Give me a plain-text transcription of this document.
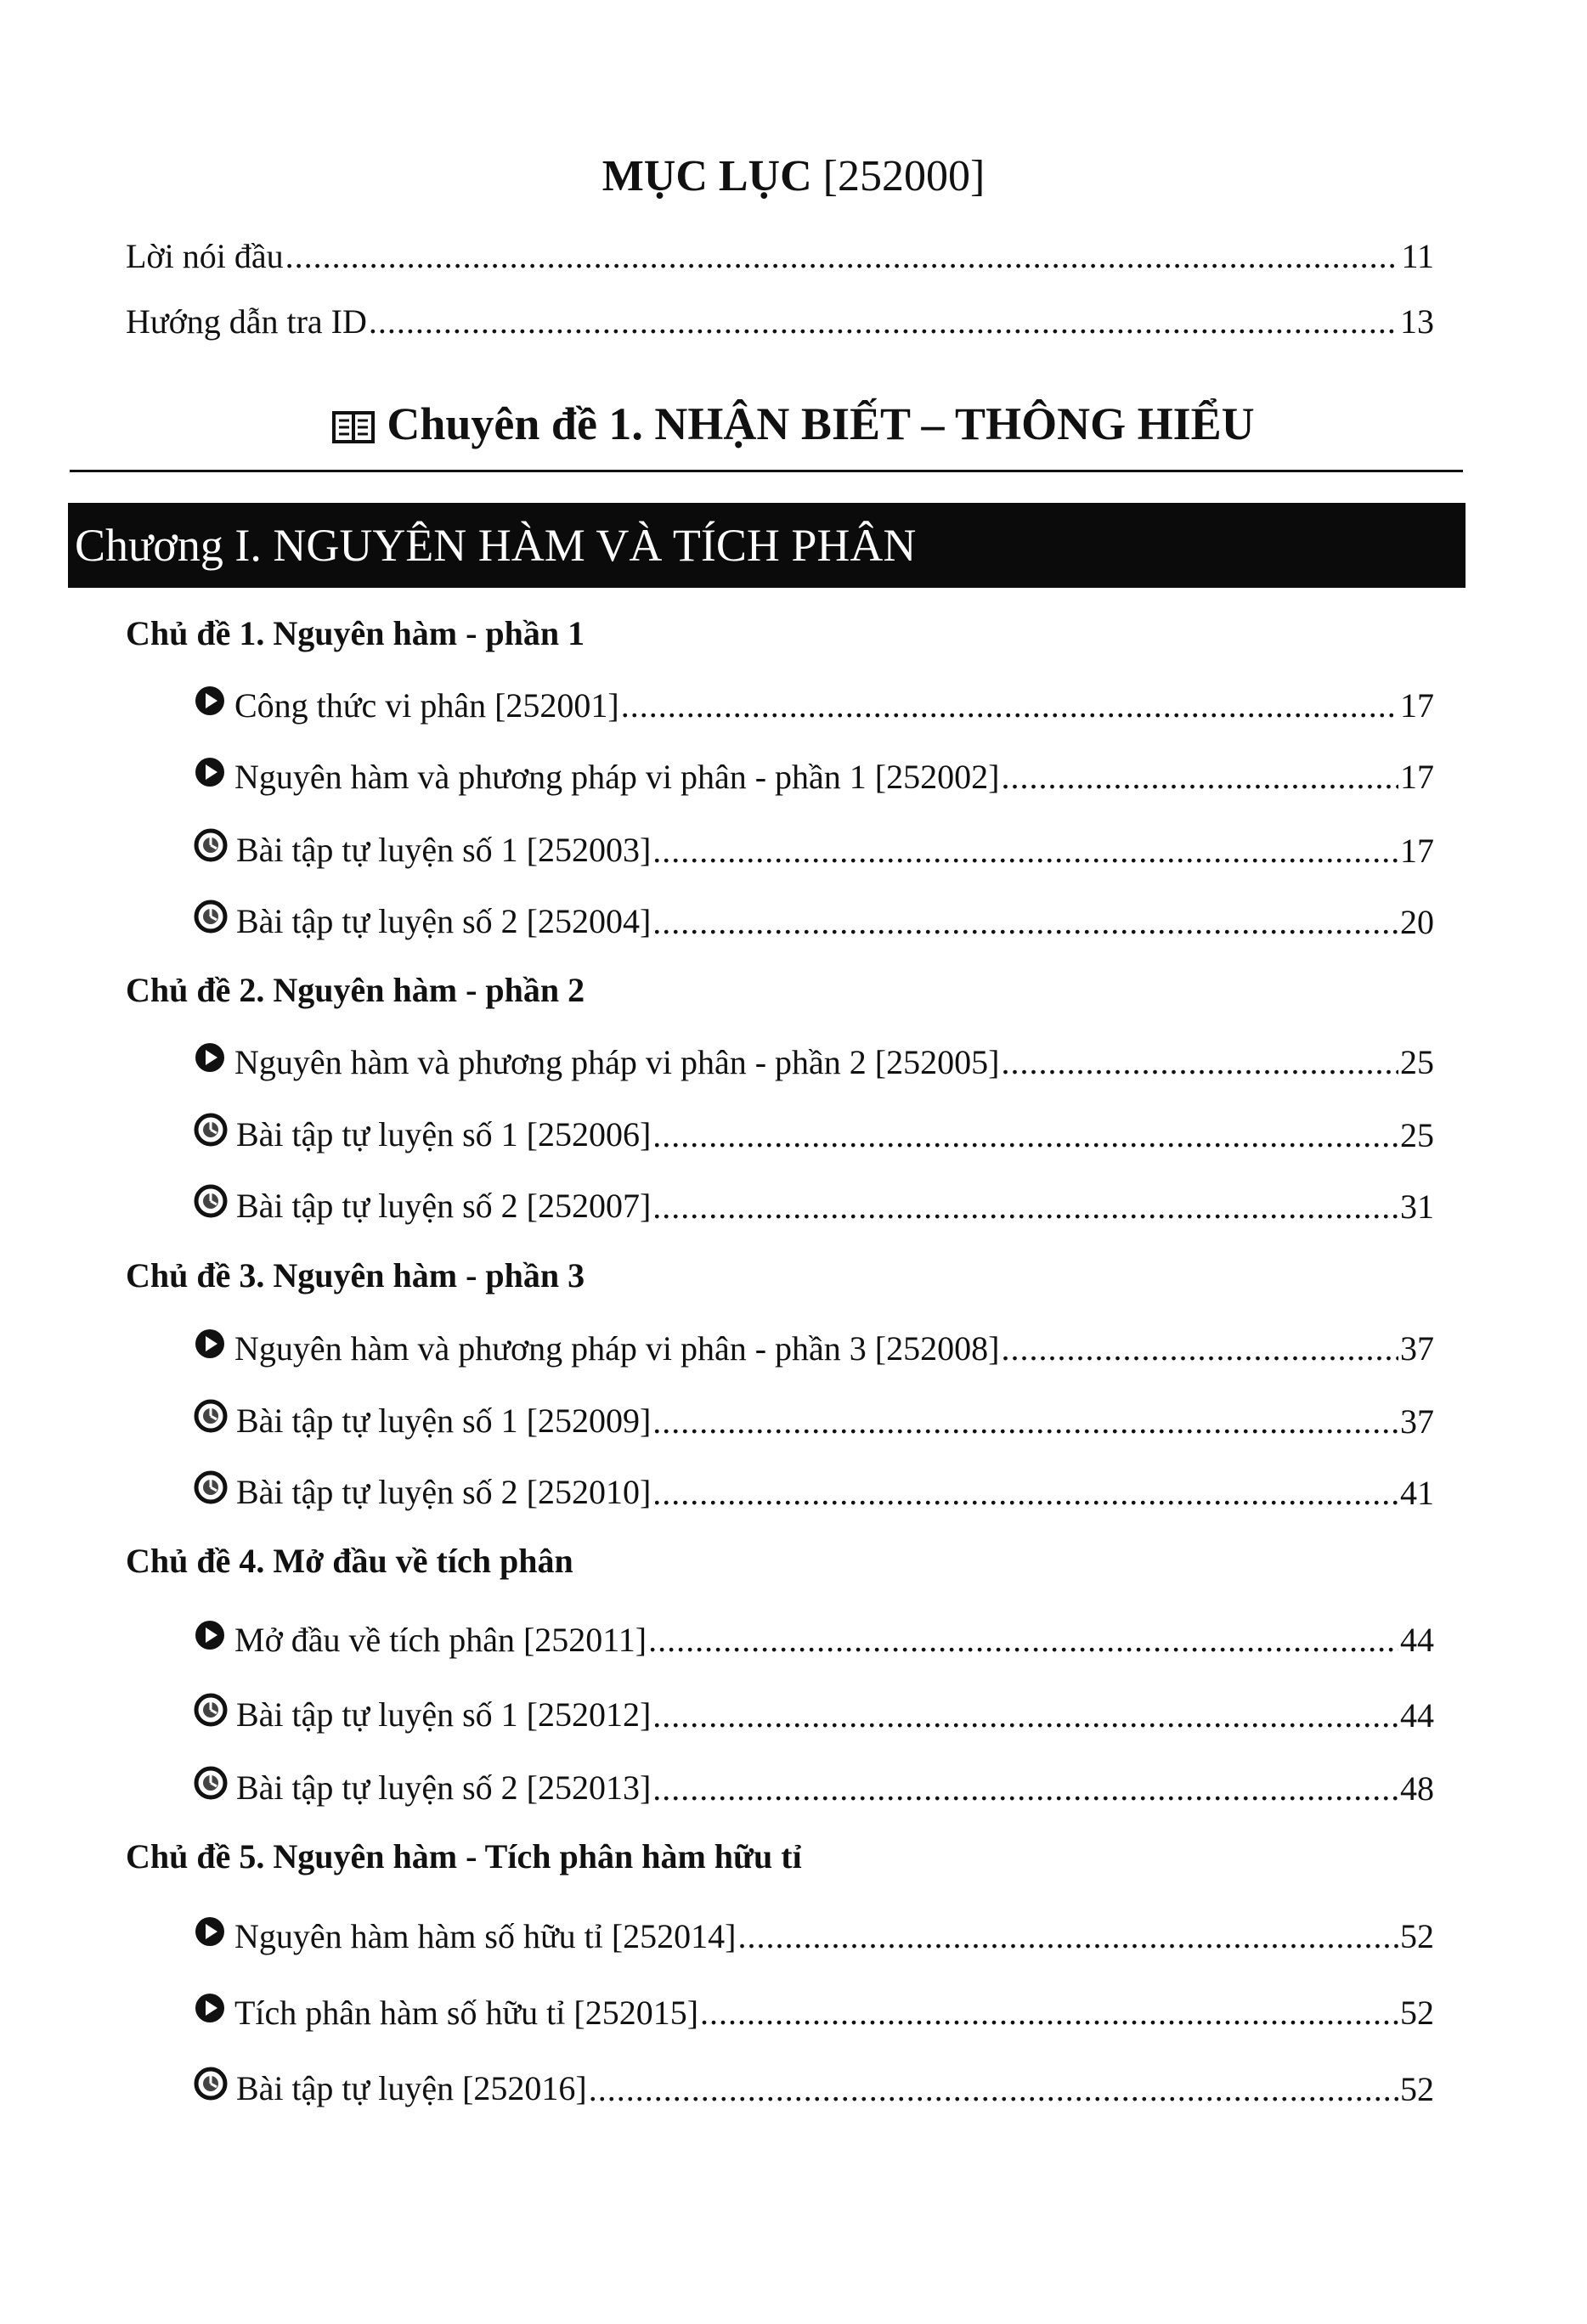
MỤC LỤC [252000]
Lời nói đầu .....	11
Hướng dẫn tra ID .....	13
Chuyên đề 1. NHẬN BIẾT – THÔNG HIỂU
Chương I. NGUYÊN HÀM VÀ TÍCH PHÂN
Chủ đề 1. Nguyên hàm - phần 1
Công thức vi phân [252001] .....	17
Nguyên hàm và phương pháp vi phân - phần 1 [252002] .....	17
Bài tập tự luyện số 1 [252003] .....	17
Bài tập tự luyện số 2 [252004] .....	20
Chủ đề 2. Nguyên hàm - phần 2
Nguyên hàm và phương pháp vi phân - phần 2 [252005] .....	25
Bài tập tự luyện số 1 [252006] .....	25
Bài tập tự luyện số 2 [252007] .....	31
Chủ đề 3. Nguyên hàm - phần 3
Nguyên hàm và phương pháp vi phân - phần 3 [252008] .....	37
Bài tập tự luyện số 1 [252009] .....	37
Bài tập tự luyện số 2 [252010] .....	41
Chủ đề 4. Mở đầu về tích phân
Mở đầu về tích phân [252011] .....	44
Bài tập tự luyện số 1 [252012] .....	44
Bài tập tự luyện số 2 [252013] .....	48
Chủ đề 5. Nguyên hàm - Tích phân hàm hữu tỉ
Nguyên hàm hàm số hữu tỉ [252014] .....	52
Tích phân hàm số hữu tỉ [252015] .....	52
Bài tập tự luyện [252016] .....	52
